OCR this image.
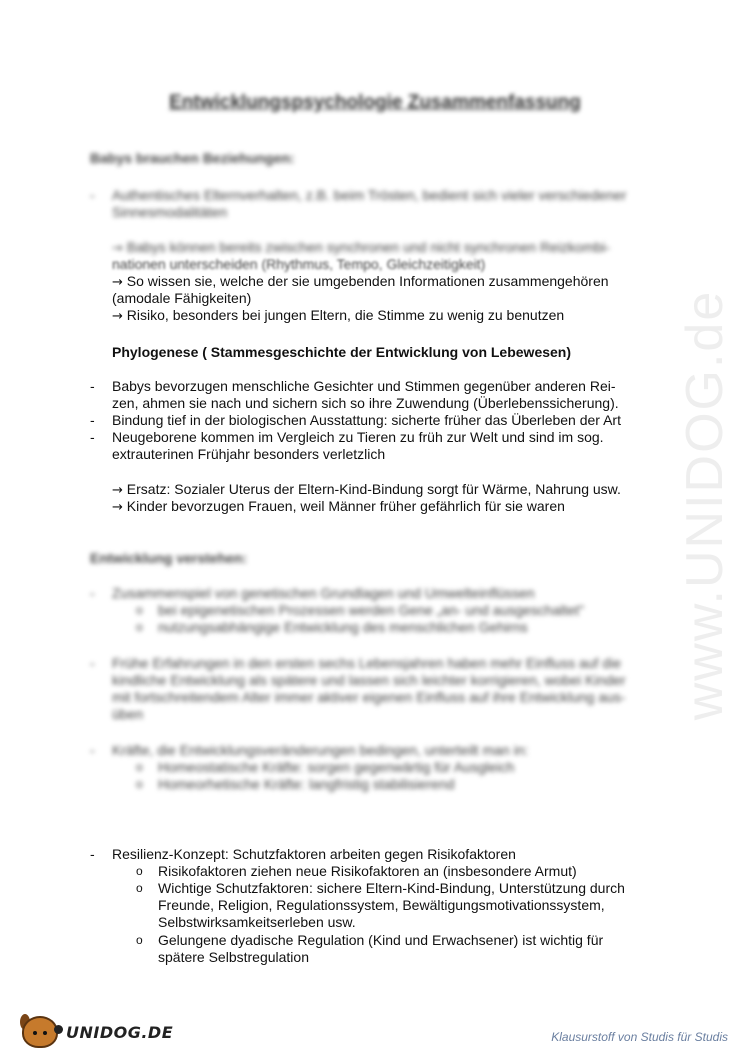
www.UNIDOG.de
Entwicklungspsychologie Zusammenfassung
Babys brauchen Beziehungen:
- Authentisches Elternverhalten, z.B. beim Trösten, bedient sich vieler verschiedener
Sinnesmodalitäten
→ Babys können bereits zwischen synchronen und nicht synchronen Reizkombi-
nationen unterscheiden (Rhythmus, Tempo, Gleichzeitigkeit)
→ So wissen sie, welche der sie umgebenden Informationen zusammengehören
(amodale Fähigkeiten)
→ Risiko, besonders bei jungen Eltern, die Stimme zu wenig zu benutzen
Phylogenese ( Stammesgeschichte der Entwicklung von Lebewesen)
- Babys bevorzugen menschliche Gesichter und Stimmen gegenüber anderen Rei-
zen, ahmen sie nach und sichern sich so ihre Zuwendung (Überlebenssicherung).
- Bindung tief in der biologischen Ausstattung: sicherte früher das Überleben der Art
- Neugeborene kommen im Vergleich zu Tieren zu früh zur Welt und sind im sog.
extrauterinen Frühjahr besonders verletzlich
→ Ersatz: Sozialer Uterus der Eltern-Kind-Bindung sorgt für Wärme, Nahrung usw.
→ Kinder bevorzugen Frauen, weil Männer früher gefährlich für sie waren
Entwicklung verstehen:
- Zusammenspiel von genetischen Grundlagen und Umwelteinflüssen
o bei epigenetischen Prozessen werden Gene „an- und ausgeschaltet"
o nutzungsabhängige Entwicklung des menschlichen Gehirns
- Frühe Erfahrungen in den ersten sechs Lebensjahren haben mehr Einfluss auf die
kindliche Entwicklung als spätere und lassen sich leichter korrigieren, wobei Kinder
mit fortschreitendem Alter immer aktiver eigenen Einfluss auf ihre Entwicklung aus-
üben
- Kräfte, die Entwicklungsveränderungen bedingen, unterteilt man in:
o Homeostatische Kräfte: sorgen gegenwärtig für Ausgleich
o Homeorhetische Kräfte: langfristig stabilisierend
- Resilienz-Konzept: Schutzfaktoren arbeiten gegen Risikofaktoren
o Risikofaktoren ziehen neue Risikofaktoren an (insbesondere Armut)
o Wichtige Schutzfaktoren: sichere Eltern-Kind-Bindung, Unterstützung durch
Freunde, Religion, Regulationssystem, Bewältigungsmotivationssystem,
Selbstwirksamkeitserleben usw.
o Gelungene dyadische Regulation (Kind und Erwachsener) ist wichtig für
spätere Selbstregulation
UNIDOG.DE	Klausurstoff von Studis für Studis
